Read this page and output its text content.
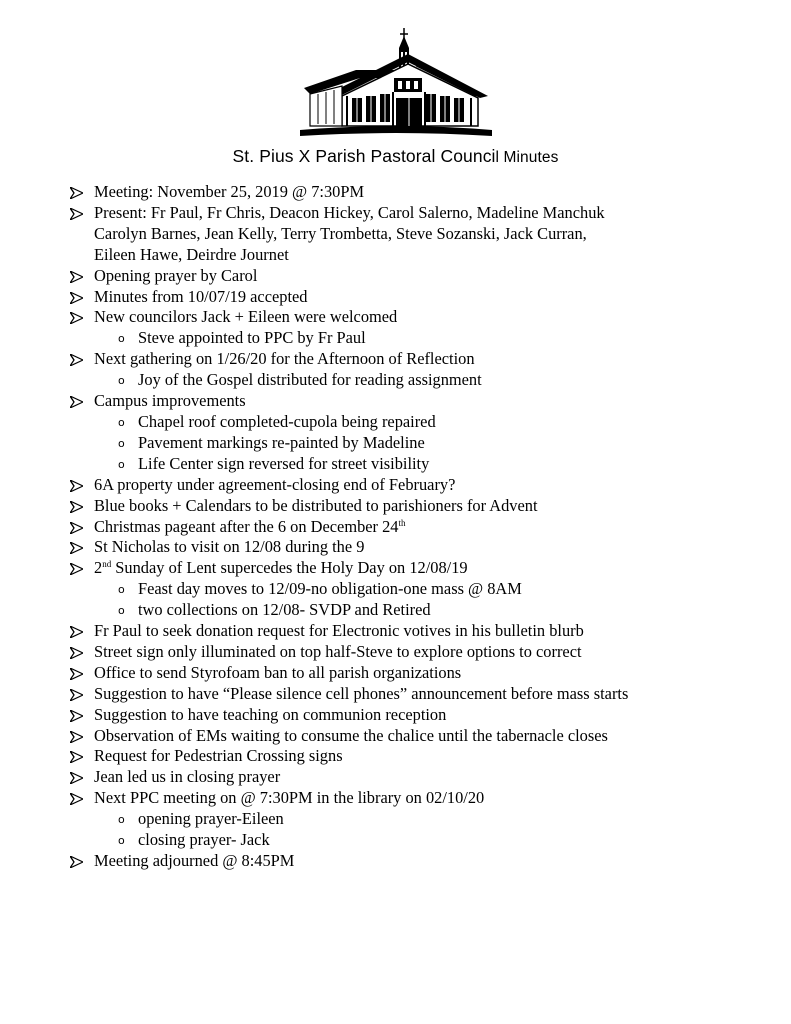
St. Pius X Parish Pastoral Council Minutes
Meeting: November 25, 2019 @ 7:30PM
Present: Fr Paul, Fr Chris, Deacon Hickey, Carol Salerno, Madeline Manchuk
Carolyn Barnes, Jean Kelly, Terry Trombetta, Steve Sozanski, Jack Curran,
Eileen Hawe, Deirdre Journet
Opening prayer by Carol
Minutes from 10/07/19 accepted
New councilors Jack + Eileen were welcomed
o Steve appointed to PPC by Fr Paul
Next gathering on 1/26/20 for the Afternoon of Reflection
o Joy of the Gospel distributed for reading assignment
Campus improvements
o Chapel roof completed-cupola being repaired
o Pavement markings re-painted by Madeline
o Life Center sign reversed for street visibility
6A property under agreement-closing end of February?
Blue books + Calendars to be distributed to parishioners for Advent
Christmas pageant after the 6 on December 24th
St Nicholas to visit on 12/08 during the 9
2nd Sunday of Lent supercedes the Holy Day on 12/08/19
o Feast day moves to 12/09-no obligation-one mass @ 8AM
o two collections on 12/08- SVDP and Retired
Fr Paul to seek donation request for Electronic votives in his bulletin blurb
Street sign only illuminated on top half-Steve to explore options to correct
Office to send Styrofoam ban to all parish organizations
Suggestion to have “Please silence cell phones” announcement before mass starts
Suggestion to have teaching on communion reception
Observation of EMs waiting to consume the chalice until the tabernacle closes
Request for Pedestrian Crossing signs
Jean led us in closing prayer
Next PPC meeting on @ 7:30PM in the library on 02/10/20
o opening prayer-Eileen
o closing prayer- Jack
Meeting adjourned @ 8:45PM
